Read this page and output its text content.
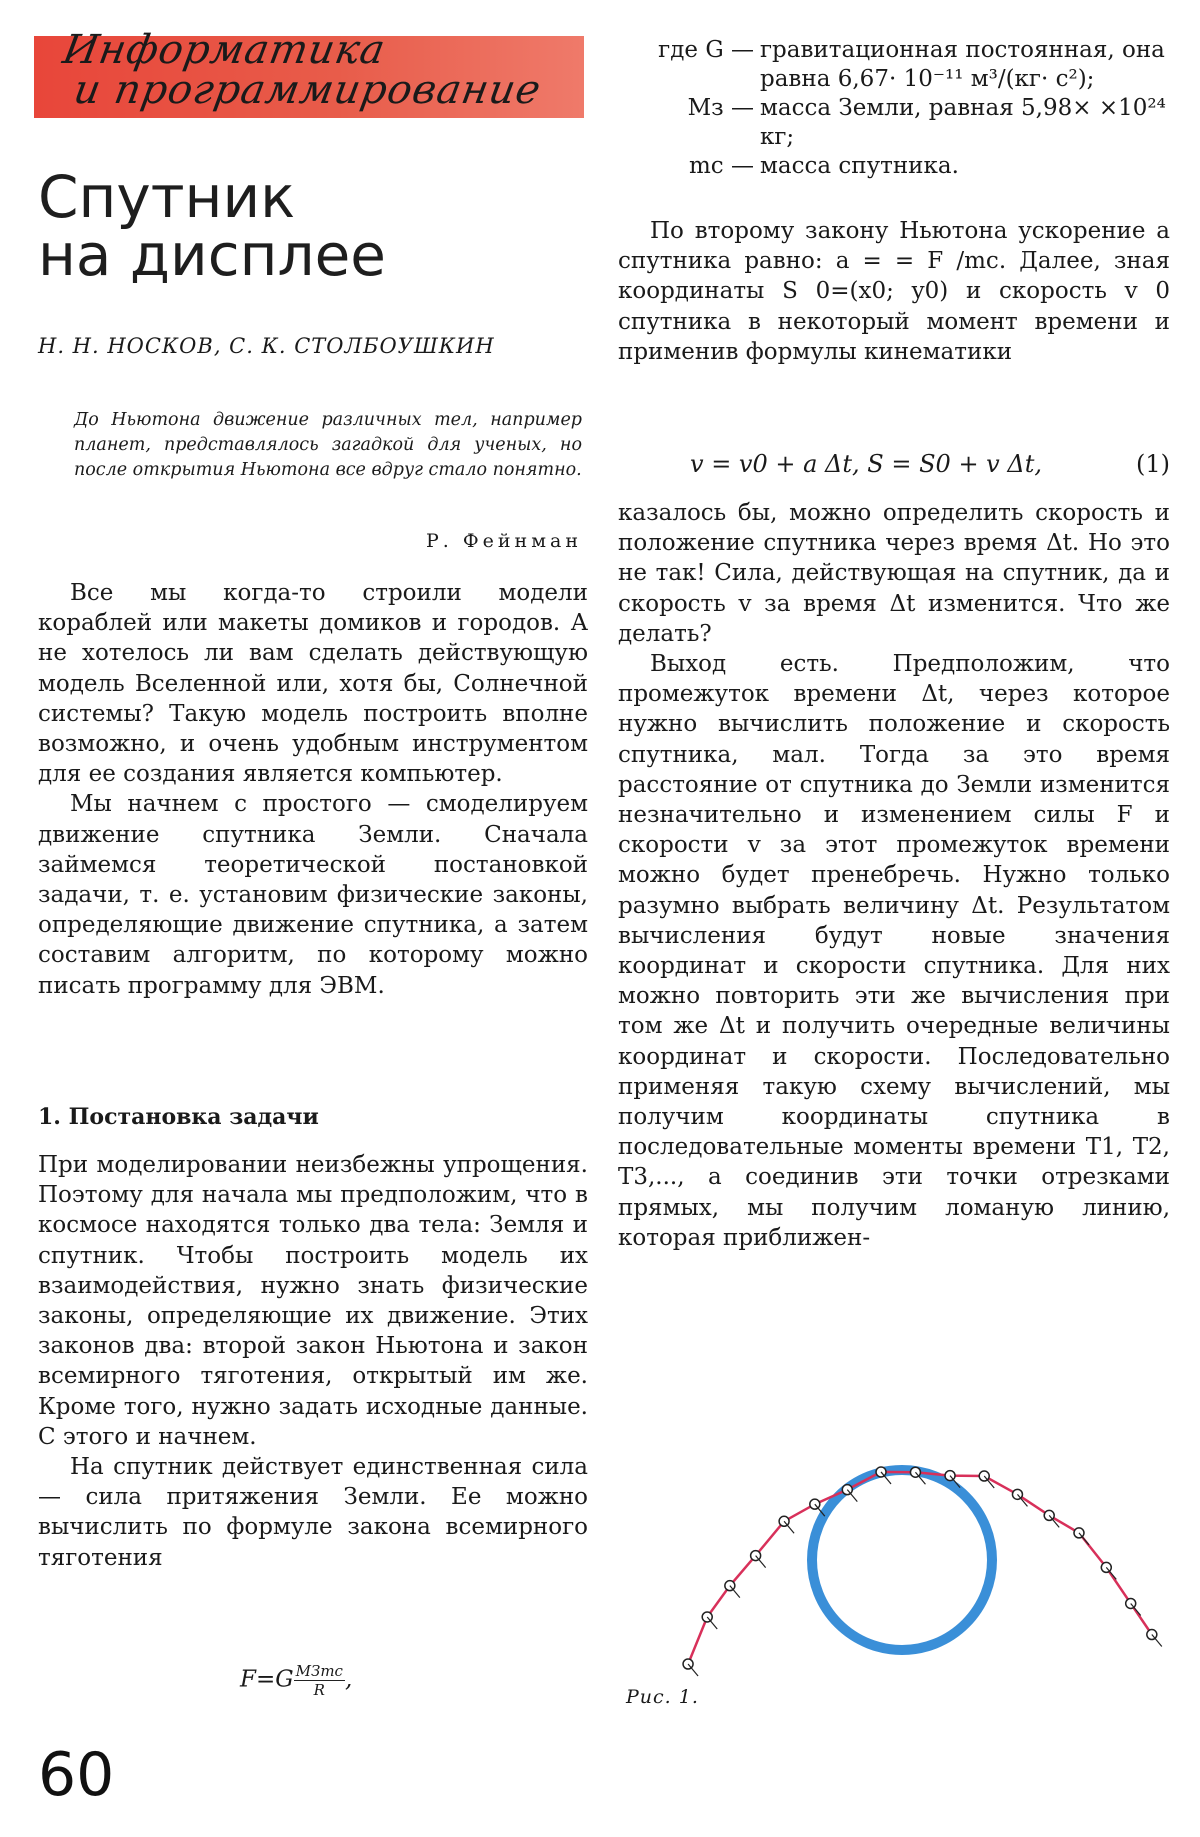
Информатика
и программирование
Спутник
на дисплее
Н. Н. НОСКОВ, С. К. СТОЛБОУШКИН
До Ньютона движение различных тел, например планет, представлялось загадкой для ученых, но после открытия Ньютона все вдруг стало понятно.
Р. Фейнман

Все мы когда-то строили модели кораблей или макеты домиков и городов. А не хотелось ли вам сделать действующую модель Вселенной или, хотя бы, Солнечной системы? Такую модель построить вполне возможно, и очень удобным инструментом для ее создания является компьютер.

Мы начнем с простого — смоделируем движение спутника Земли. Сначала займемся теоретической постановкой задачи, т. е. установим физические законы, определяющие движение спутника, а затем составим алгоритм, по которому можно писать программу для ЭВМ.

1. Постановка задачи

При моделировании неизбежны упрощения. Поэтому для начала мы предположим, что в космосе находятся только два тела: Земля и спутник. Чтобы построить модель их взаимодействия, нужно знать физические законы, определяющие их движение. Этих законов два: второй закон Ньютона и закон всемирного тяготения, открытый им же. Кроме того, нужно задать исходные данные. С этого и начнем.

На спутник действует единственная сила — сила притяжения Земли. Ее можно вычислить по формуле закона всемирного тяготения

$F=G \frac{\text{MЗmс}}{R}$ ,
60
где G — гравитационная постоянная, она равна 6,67· 10⁻¹¹ м³/(кг· с²);
Mз — масса Земли, равная 5,98× ×10²⁴ кг;
mс — масса спутника.

По второму закону Ньютона ускорение a спутника равно: a = = F /mс. Далее, зная координаты S 0=(x0; y0) и скорость v 0 спутника в некоторый момент времени и применив формулы кинематики

v = v0 + a Δt, S = S0 + v Δt,	(1)

казалось бы, можно определить скорость и положение спутника через время Δt. Но это не так! Сила, действующая на спутник, да и скорость v за время Δt изменится. Что же делать?

Выход есть. Предположим, что промежуток времени Δt, через которое нужно вычислить положение и скорость спутника, мал. Тогда за это время расстояние от спутника до Земли изменится незначительно и изменением силы F и скорости v за этот промежуток времени можно будет пренебречь. Нужно только разумно выбрать величину Δt. Результатом вычисления будут новые значения координат и скорости спутника. Для них можно повторить эти же вычисления при том же Δt и получить очередные величины координат и скорости. Последовательно применяя такую схему вычислений, мы получим координаты спутника в последовательные моменты времени T1, T2, T3,..., а соединив эти точки отрезками прямых, мы получим ломаную линию, которая приближен-

Рис. 1.
